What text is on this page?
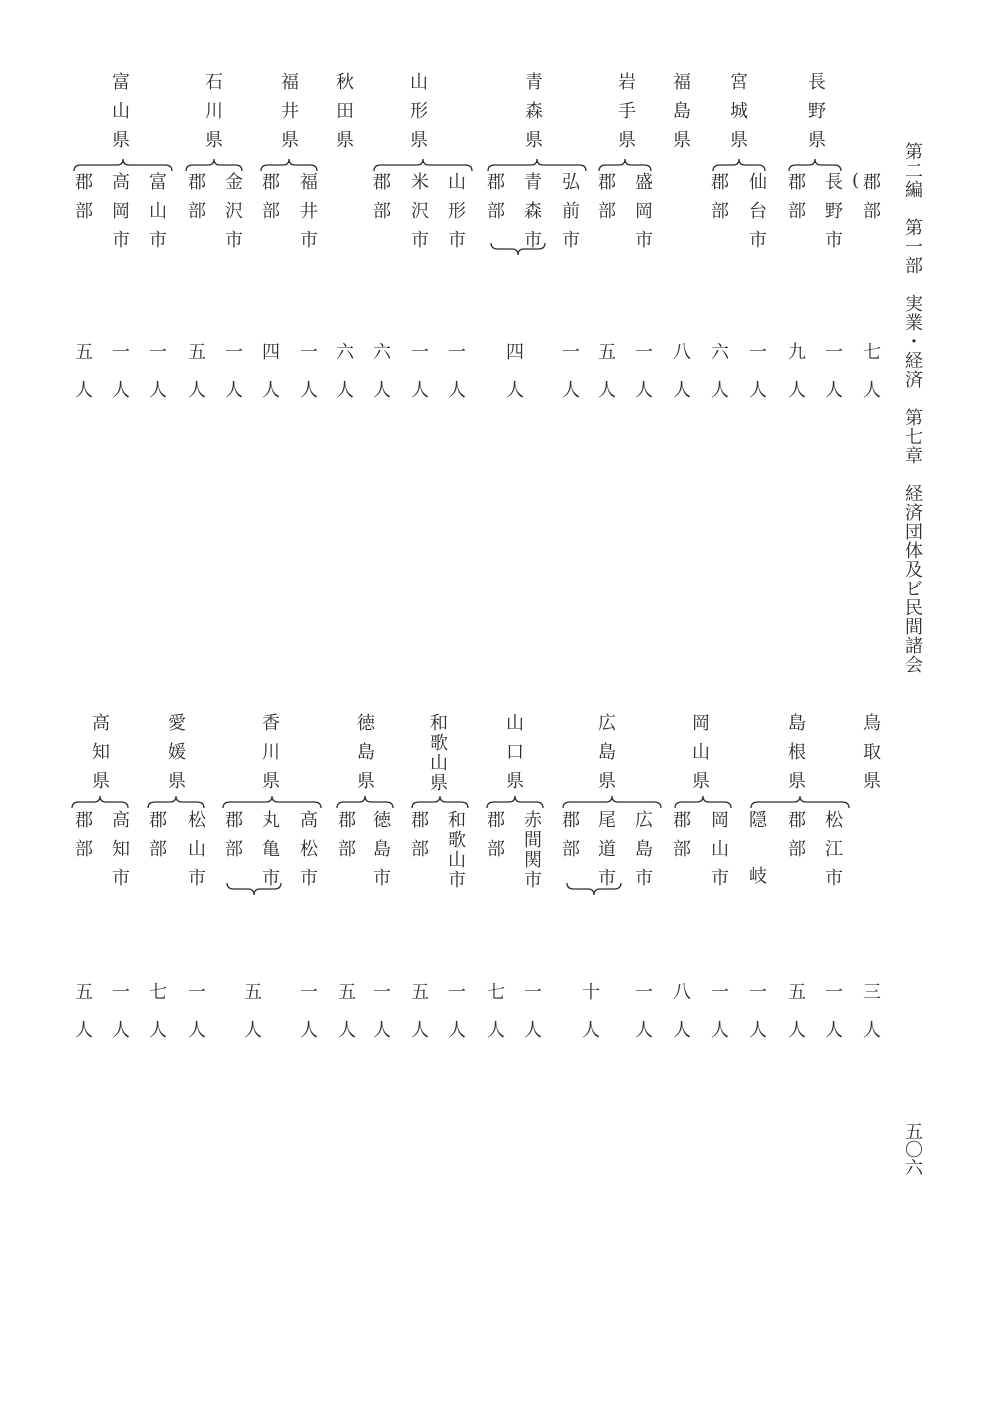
第二編　第一部　実業・経済　第七章　経済団体及ビ民間諸会
五〇六
長野県
宮城県
福島県
岩手県
青森県
山形県
秋田県
福井県
石川県
富山県
(
郡部
長野市
郡部
仙台市
郡部
盛岡市
郡部
弘前市
青森市
郡部
山形市
米沢市
郡部
福井市
郡部
金沢市
郡部
富山市
高岡市
郡部
七人
一人
九人
一人
六人
八人
一人
五人
一人
四人
一人
一人
六人
六人
一人
四人
一人
五人
一人
一人
五人
鳥取県
島根県
岡山県
広島県
山口県
和歌山県
徳島県
香川県
愛媛県
高知県
松江市
郡部
隠岐
岡山市
郡部
広島市
尾道市
郡部
赤間関市
郡部
和歌山市
郡部
徳島市
郡部
高松市
丸亀市
郡部
松山市
郡部
高知市
郡部
三人
一人
五人
一人
一人
八人
一人
十人
一人
七人
一人
五人
一人
五人
一人
五人
一人
七人
一人
五人
